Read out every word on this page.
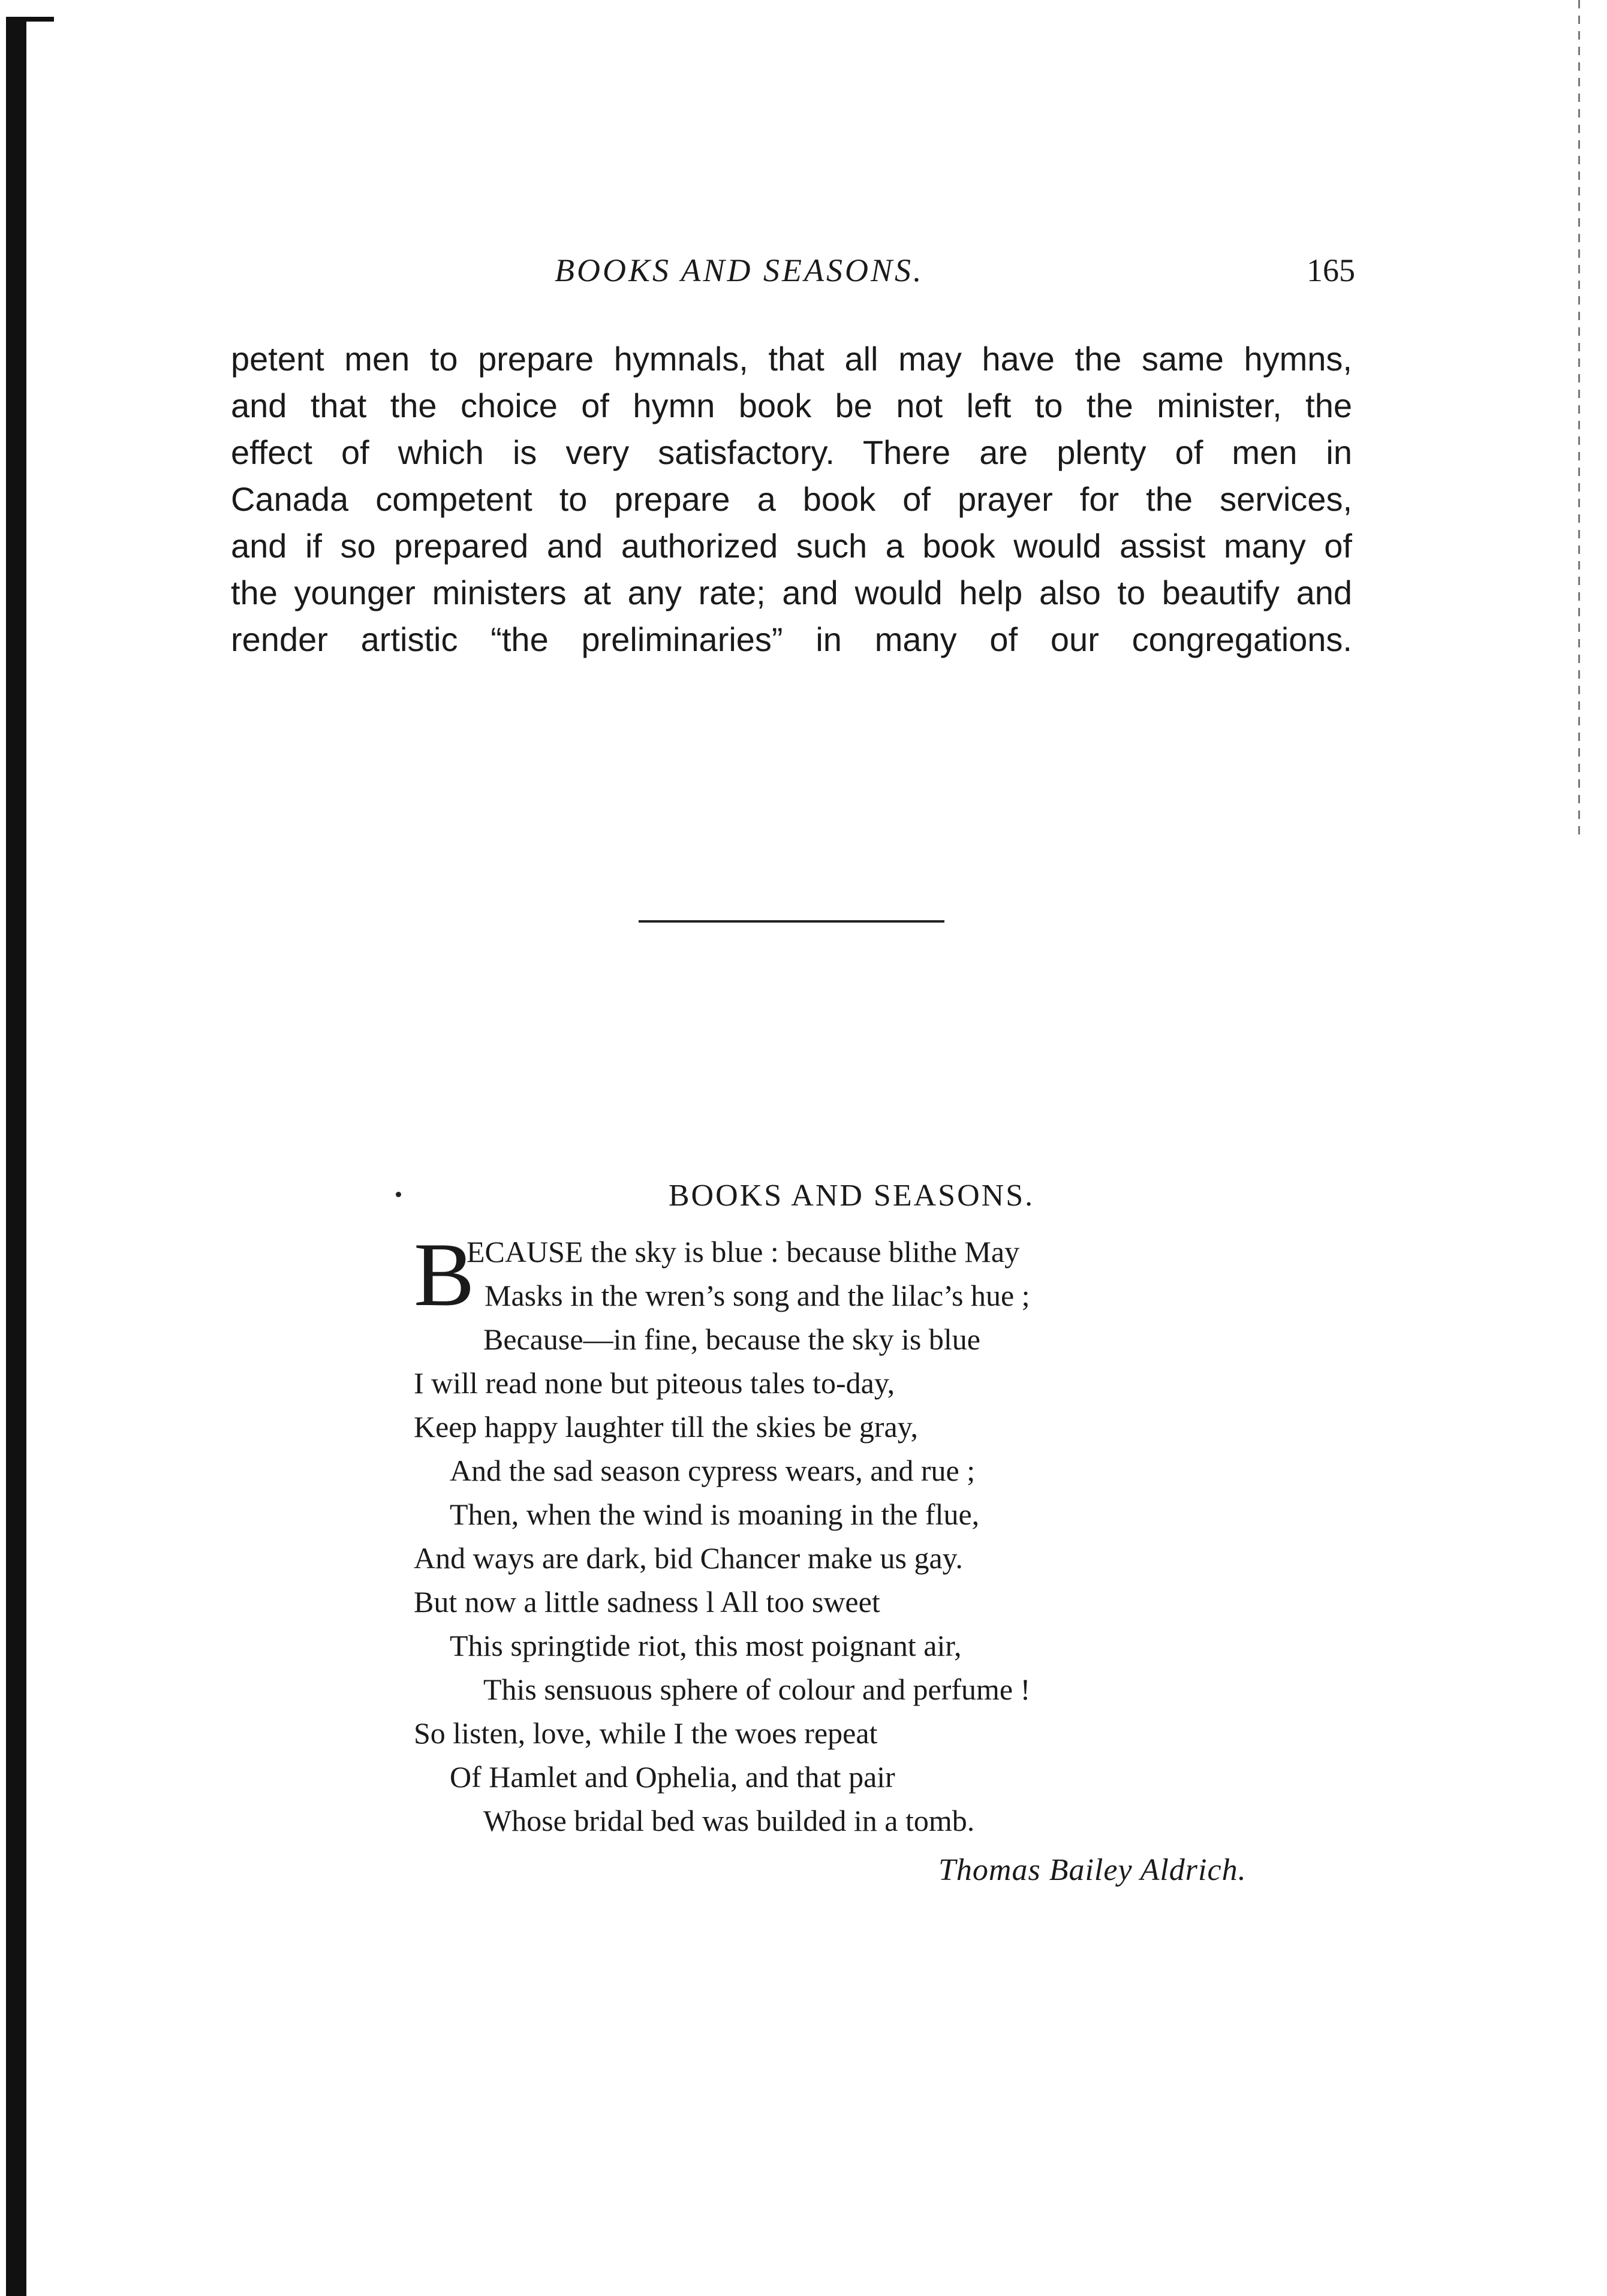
BOOKS AND SEASONS.	165
petent men to prepare hymnals, that all may have the same hymns,
and that the choice of hymn book be not left to the minister, the
effect of which is very satisfactory. There are plenty of men in
Canada competent to prepare a book of prayer for the services,
and if so prepared and authorized such a book would assist many of
the younger ministers at any rate; and would help also to beautify and
render artistic “the preliminaries” in many of our congregations.
BOOKS AND SEASONS.
B
ECAUSE the sky is blue : because blithe May
Masks in the wren’s song and the lilac’s hue ;
Because—in fine, because the sky is blue
I will read none but piteous tales to-day,
Keep happy laughter till the skies be gray,
And the sad season cypress wears, and rue ;
Then, when the wind is moaning in the flue,
And ways are dark, bid Chancer make us gay.
But now a little sadness l All too sweet
This springtide riot, this most poignant air,
This sensuous sphere of colour and perfume !
So listen, love, while I the woes repeat
Of Hamlet and Ophelia, and that pair
Whose bridal bed was builded in a tomb.
Thomas Bailey Aldrich.
